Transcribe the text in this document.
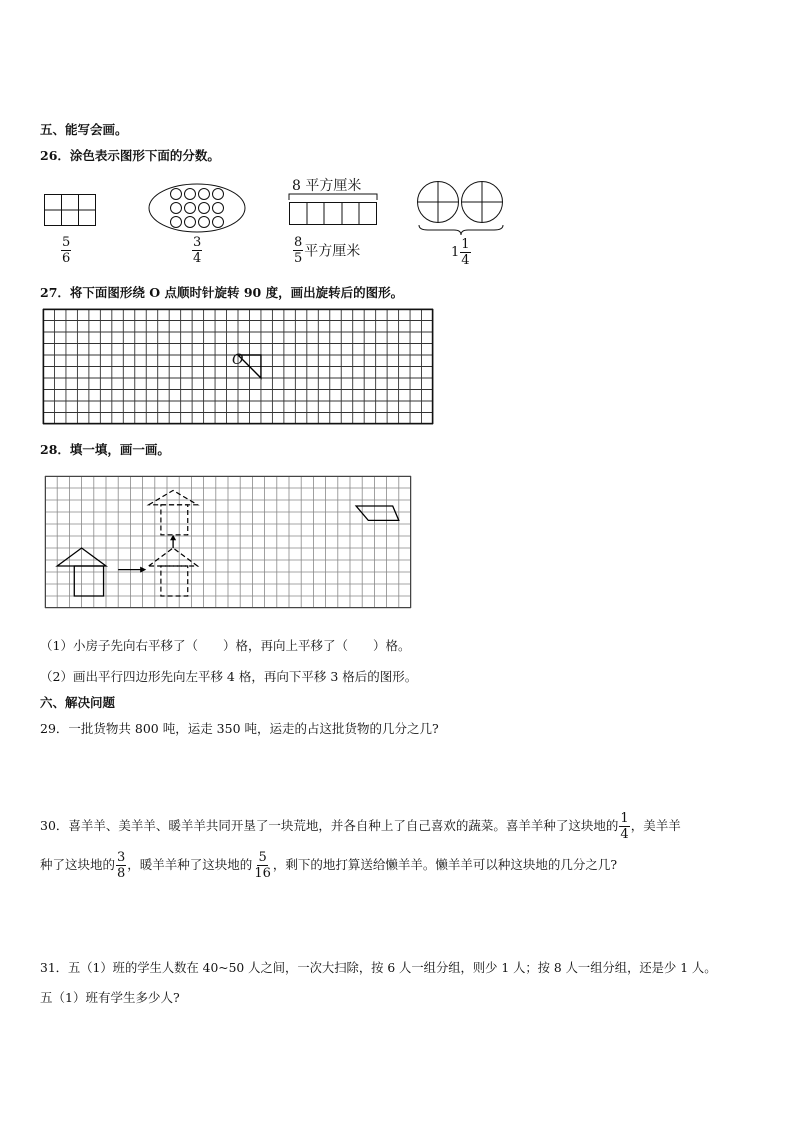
五、能写会画。
26．涂色表示图形下面的分数。
$\frac{5}{6}$	$\frac{3}{4}$
8 平方厘米
$\frac{8}{5}$ 平方厘米	$1 \frac{1}{4}$
27．将下面图形绕 O 点顺时针旋转 90 度，画出旋转后的图形。
O
28．填一填，画一画。
（1）小房子先向右平移了（　　）格，再向上平移了（　　）格。
（2）画出平行四边形先向左平移 4 格，再向下平移 3 格后的图形。
六、解决问题
29．一批货物共 800 吨，运走 350 吨，运走的占这批货物的几分之几?
30．喜羊羊、美羊羊、暖羊羊共同开垦了一块荒地，并各自种上了自己喜欢的蔬菜。喜羊羊种了这块地的 $\frac{1}{4}$ ，美羊羊
种了这块地的 $\frac{3}{8}$ ，暖羊羊种了这块地的 $\frac{5}{16}$ ，剩下的地打算送给懒羊羊。懒羊羊可以种这块地的几分之几?
31．五（1）班的学生人数在 40~50 人之间，一次大扫除，按 6 人一组分组，则少 1 人；按 8 人一组分组，还是少 1 人。
五（1）班有学生多少人?
